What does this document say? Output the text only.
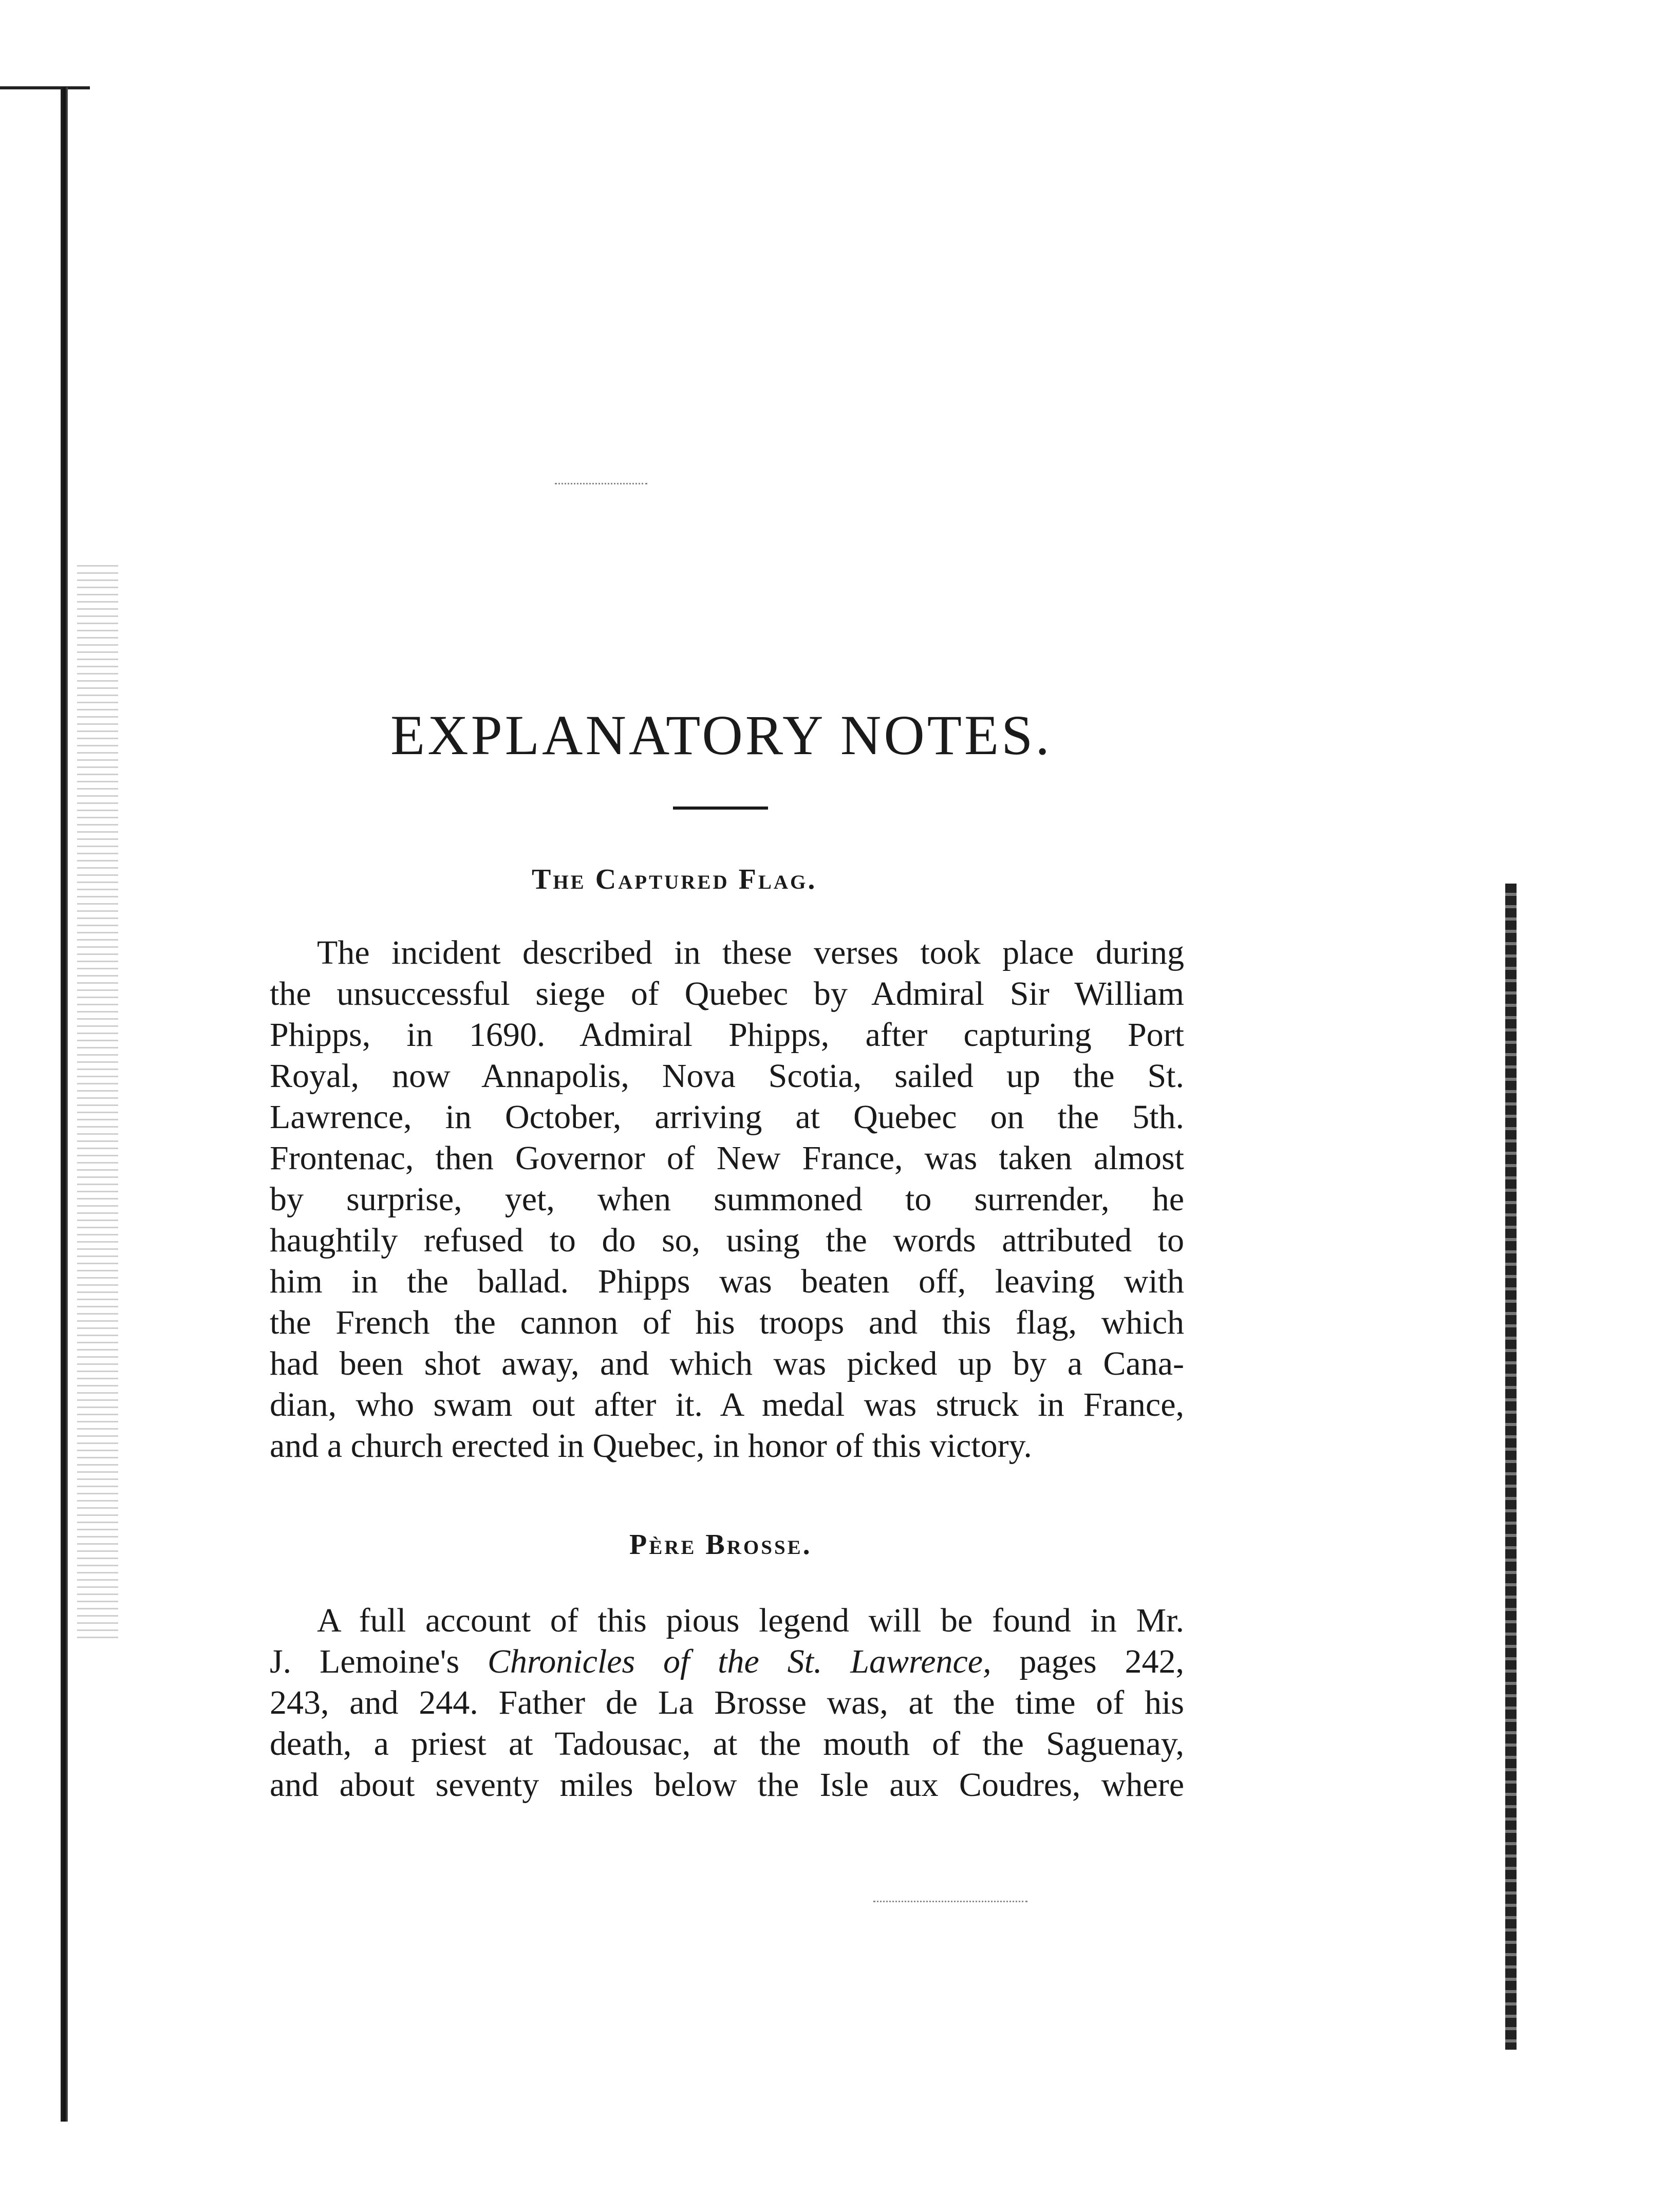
EXPLANATORY NOTES.
The Captured Flag.

The incident described in these verses took place during
the unsuccessful siege of Quebec by Admiral Sir William
Phipps, in 1690. Admiral Phipps, after capturing Port
Royal, now Annapolis, Nova Scotia, sailed up the St.
Lawrence, in October, arriving at Quebec on the 5th.
Frontenac, then Governor of New France, was taken almost
by surprise, yet, when summoned to surrender, he
haughtily refused to do so, using the words attributed to
him in the ballad. Phipps was beaten off, leaving with
the French the cannon of his troops and this flag, which
had been shot away, and which was picked up by a Cana-
dian, who swam out after it. A medal was struck in France,
and a church erected in Quebec, in honor of this victory.

Père Brosse.

A full account of this pious legend will be found in Mr.
J. Lemoine's Chronicles of the St. Lawrence, pages 242,
243, and 244. Father de La Brosse was, at the time of his
death, a priest at Tadousac, at the mouth of the Saguenay,
and about seventy miles below the Isle aux Coudres, where
